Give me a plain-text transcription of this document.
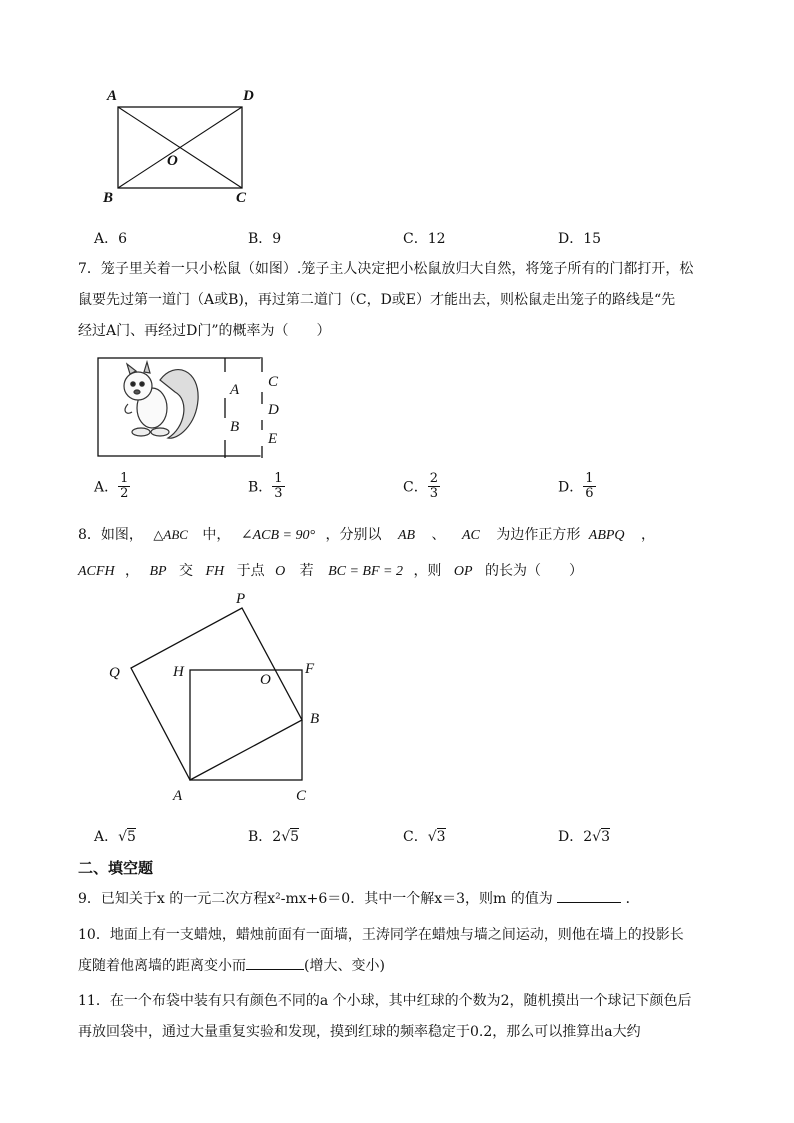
A	D
B	C
O
A．6	B．9	C．12	D．15
7．笼子里关着一只小松鼠（如图）.笼子主人决定把小松鼠放归大自然，将笼子所有的门都打开，松
鼠要先过第一道门（A或B)，再过第二道门（C，D或E）才能出去，则松鼠走出笼子的路线是“先
经过A门、再经过D门”的概率为（　　）
A
B
C
D
E
A． $\frac{1}{2}$	B． $\frac{1}{3}$	C． $\frac{2}{3}$	D． $\frac{1}{6}$
8．如图， △ABC 中， ∠ACB = 90° ，分别以 AB 、 AC 为边作正方形 ABPQ ，
ACFH ， BP 交 FH 于点 O 若 BC = BF = 2 ，则 OP 的长为（　　）
P
Q	H	O
F
B
A	C
A．√5	B．2√5	C．√3	D．2√3
二、填空题
9．已知关于x 的一元二次方程x²-mx+6＝0．其中一个解x＝3，则m 的值为	．
10．地面上有一支蜡烛，蜡烛前面有一面墙，王涛同学在蜡烛与墙之间运动，则他在墙上的投影长
度随着他离墙的距离变小而	(增大、变小)
11．在一个布袋中装有只有颜色不同的a 个小球，其中红球的个数为2，随机摸出一个球记下颜色后
再放回袋中，通过大量重复实验和发现，摸到红球的频率稳定于0.2，那么可以推算出a大约
